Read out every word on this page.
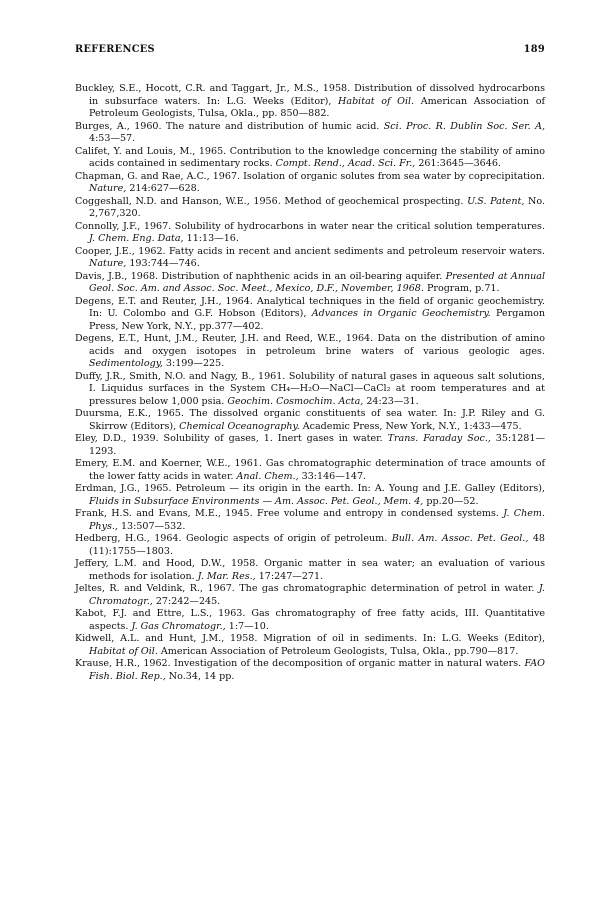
REFERENCES	189

Buckley, S.E., Hocott, C.R. and Taggart, Jr., M.S., 1958. Distribution of dissolved hydrocarbons in subsurface waters. In: L.G. Weeks (Editor), Habitat of Oil. American Association of Petroleum Geologists, Tulsa, Okla., pp. 850—882.

Burges, A., 1960. The nature and distribution of humic acid. Sci. Proc. R. Dublin Soc. Ser. A, 4:53—57.

Califet, Y. and Louis, M., 1965. Contribution to the knowledge concerning the stability of amino acids contained in sedimentary rocks. Compt. Rend., Acad. Sci. Fr., 261:3645—3646.

Chapman, G. and Rae, A.C., 1967. Isolation of organic solutes from sea water by coprecipitation. Nature, 214:627—628.

Coggeshall, N.D. and Hanson, W.E., 1956. Method of geochemical prospecting. U.S. Patent, No. 2,767,320.

Connolly, J.F., 1967. Solubility of hydrocarbons in water near the critical solution temperatures. J. Chem. Eng. Data, 11:13—16.

Cooper, J.E., 1962. Fatty acids in recent and ancient sediments and petroleum reservoir waters. Nature, 193:744—746.

Davis, J.B., 1968. Distribution of naphthenic acids in an oil-bearing aquifer. Presented at Annual Geol. Soc. Am. and Assoc. Soc. Meet., Mexico, D.F., November, 1968. Program, p.71.

Degens, E.T. and Reuter, J.H., 1964. Analytical techniques in the field of organic geochemistry. In: U. Colombo and G.F. Hobson (Editors), Advances in Organic Geochemistry. Pergamon Press, New York, N.Y., pp.377—402.

Degens, E.T., Hunt, J.M., Reuter, J.H. and Reed, W.E., 1964. Data on the distribution of amino acids and oxygen isotopes in petroleum brine waters of various geologic ages. Sedimentology, 3:199—225.

Duffy, J.R., Smith, N.O. and Nagy, B., 1961. Solubility of natural gases in aqueous salt solutions, I. Liquidus surfaces in the System CH₄—H₂O—NaCl—CaCl₂ at room temperatures and at pressures below 1,000 psia. Geochim. Cosmochim. Acta, 24:23—31.

Duursma, E.K., 1965. The dissolved organic constituents of sea water. In: J.P. Riley and G. Skirrow (Editors), Chemical Oceanography. Academic Press, New York, N.Y., 1:433—475.

Eley, D.D., 1939. Solubility of gases, 1. Inert gases in water. Trans. Faraday Soc., 35:1281—1293.

Emery, E.M. and Koerner, W.E., 1961. Gas chromatographic determination of trace amounts of the lower fatty acids in water. Anal. Chem., 33:146—147.

Erdman, J.G., 1965. Petroleum — its origin in the earth. In: A. Young and J.E. Galley (Editors), Fluids in Subsurface Environments — Am. Assoc. Pet. Geol., Mem. 4, pp.20—52.

Frank, H.S. and Evans, M.E., 1945. Free volume and entropy in condensed systems. J. Chem. Phys., 13:507—532.

Hedberg, H.G., 1964. Geologic aspects of origin of petroleum. Bull. Am. Assoc. Pet. Geol., 48 (11):1755—1803.

Jeffery, L.M. and Hood, D.W., 1958. Organic matter in sea water; an evaluation of various methods for isolation. J. Mar. Res., 17:247—271.

Jeltes, R. and Veldink, R., 1967. The gas chromatographic determination of petrol in water. J. Chromatogr., 27:242—245.

Kabot, F.J. and Ettre, L.S., 1963. Gas chromatography of free fatty acids, III. Quantitative aspects. J. Gas Chromatogr., 1:7—10.

Kidwell, A.L. and Hunt, J.M., 1958. Migration of oil in sediments. In: L.G. Weeks (Editor), Habitat of Oil. American Association of Petroleum Geologists, Tulsa, Okla., pp.790—817.

Krause, H.R., 1962. Investigation of the decomposition of organic matter in natural waters. FAO Fish. Biol. Rep., No.34, 14 pp.
